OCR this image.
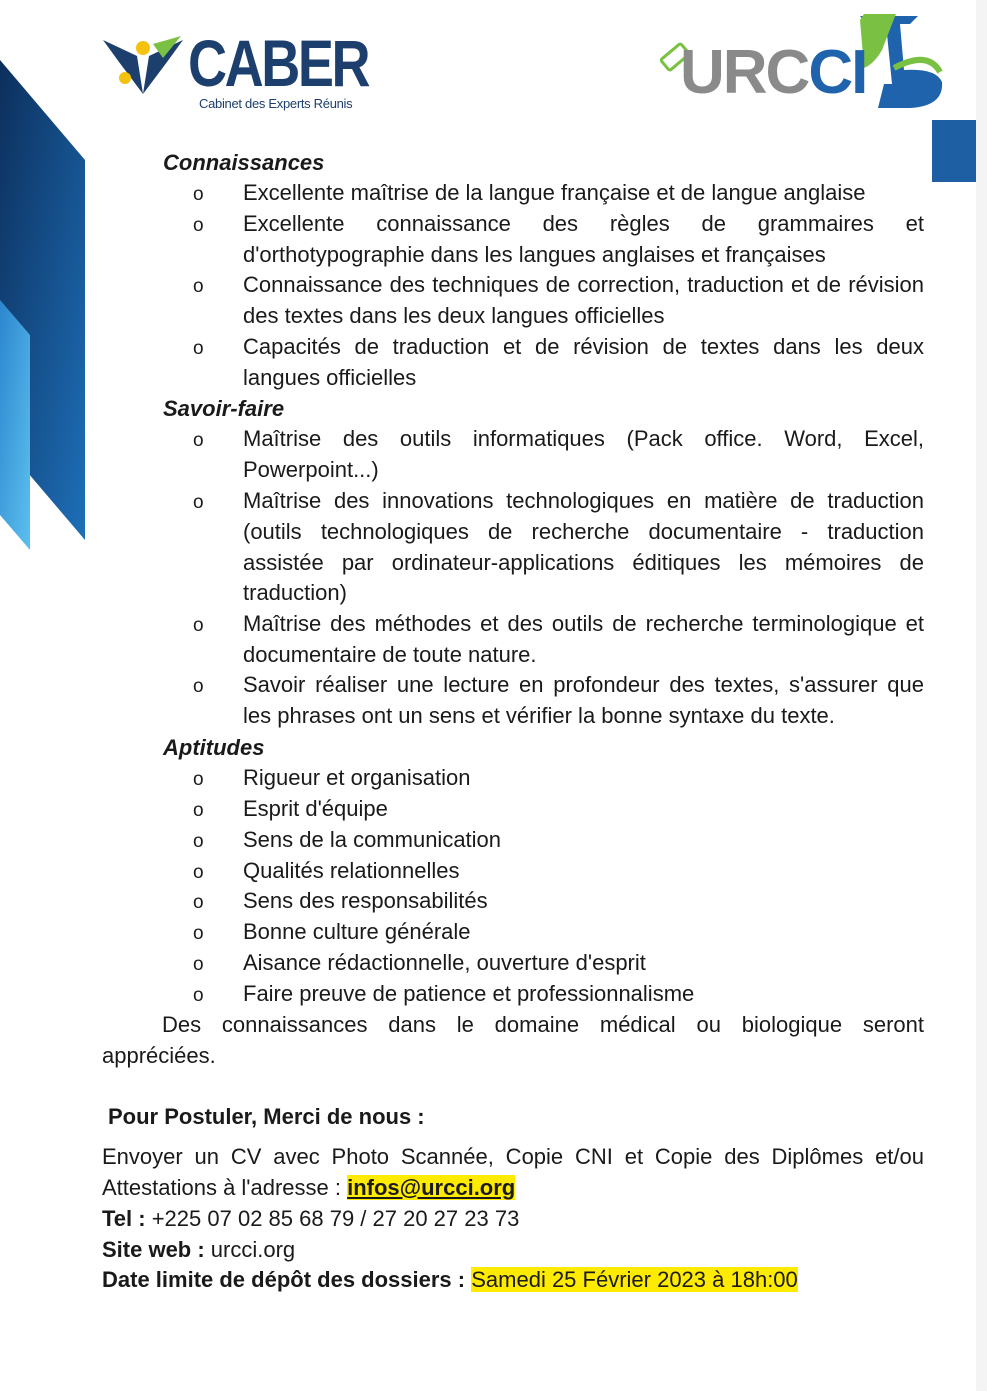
CABER
Cabinet des Experts Réunis	URCCI
Connaissances
o Excellente maîtrise de la langue française et de langue anglaise
o Excellente connaissance des règles de grammaires et d'orthotypographie dans les langues anglaises et françaises
o Connaissance des techniques de correction, traduction et de révision des textes dans les deux langues officielles
o Capacités de traduction et de révision de textes dans les deux langues officielles
Savoir-faire
o Maîtrise des outils informatiques (Pack office. Word, Excel, Powerpoint...)
o Maîtrise des innovations technologiques en matière de traduction (outils technologiques de recherche documentaire - traduction assistée par ordinateur-applications éditiques les mémoires de traduction)
o Maîtrise des méthodes et des outils de recherche terminologique et documentaire de toute nature.
o Savoir réaliser une lecture en profondeur des textes, s'assurer que les phrases ont un sens et vérifier la bonne syntaxe du texte.
Aptitudes
o Rigueur et organisation
o Esprit d'équipe
o Sens de la communication
o Qualités relationnelles
o Sens des responsabilités
o Bonne culture générale
o Aisance rédactionnelle, ouverture d'esprit
o Faire preuve de patience et professionnalisme
Des connaissances dans le domaine médical ou biologique seront appréciées.
Pour Postuler, Merci de nous :
Envoyer un CV avec Photo Scannée, Copie CNI et Copie des Diplômes et/ou Attestations à l'adresse : infos@urcci.org
Tel : +225 07 02 85 68 79 / 27 20 27 23 73
Site web : urcci.org
Date limite de dépôt des dossiers : Samedi 25 Février 2023 à 18h:00
